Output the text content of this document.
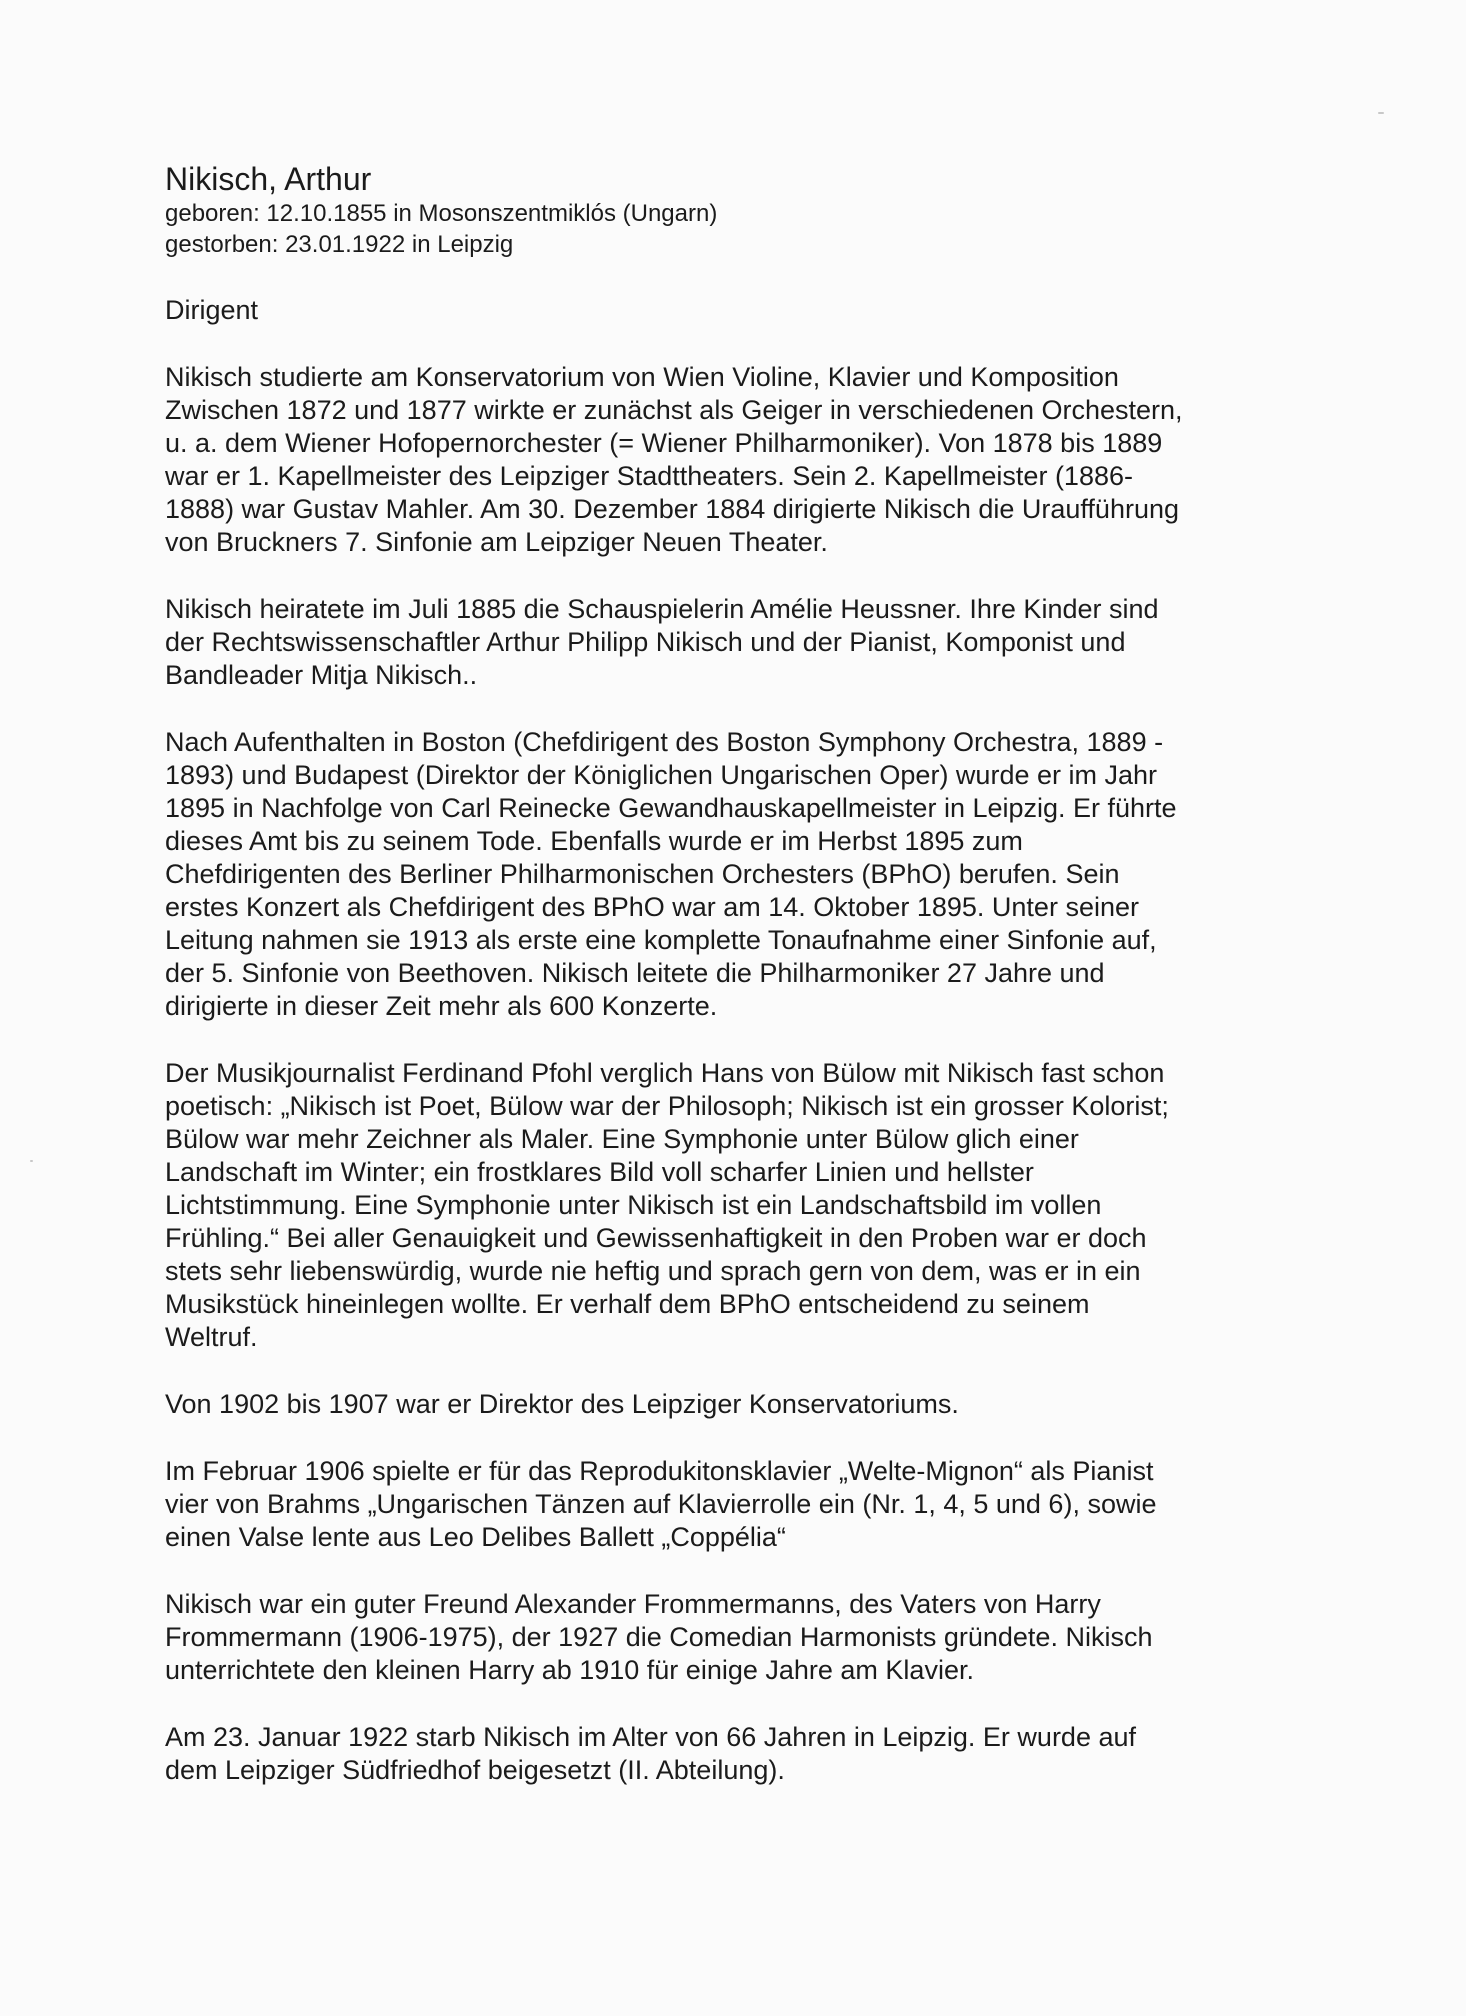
Nikisch, Arthur

geboren: 12.10.1855 in Mosonszentmiklós (Ungarn)

gestorben: 23.01.1922 in Leipzig

Dirigent

Nikisch studierte am Konservatorium von Wien Violine, Klavier und Komposition
Zwischen 1872 und 1877 wirkte er zunächst als Geiger in verschiedenen Orchestern,
u. a. dem Wiener Hofopernorchester (= Wiener Philharmoniker). Von 1878 bis 1889
war er 1. Kapellmeister des Leipziger Stadttheaters. Sein 2. Kapellmeister (1886-
1888) war Gustav Mahler. Am 30. Dezember 1884 dirigierte Nikisch die Uraufführung
von Bruckners 7. Sinfonie am Leipziger Neuen Theater.

Nikisch heiratete im Juli 1885 die Schauspielerin Amélie Heussner. Ihre Kinder sind
der Rechtswissenschaftler Arthur Philipp Nikisch und der Pianist, Komponist und
Bandleader Mitja Nikisch..

Nach Aufenthalten in Boston (Chefdirigent des Boston Symphony Orchestra, 1889 -
1893) und Budapest (Direktor der Königlichen Ungarischen Oper) wurde er im Jahr
1895 in Nachfolge von Carl Reinecke Gewandhauskapellmeister in Leipzig. Er führte
dieses Amt bis zu seinem Tode. Ebenfalls wurde er im Herbst 1895 zum
Chefdirigenten des Berliner Philharmonischen Orchesters (BPhO) berufen. Sein
erstes Konzert als Chefdirigent des BPhO war am 14. Oktober 1895. Unter seiner
Leitung nahmen sie 1913 als erste eine komplette Tonaufnahme einer Sinfonie auf,
der 5. Sinfonie von Beethoven. Nikisch leitete die Philharmoniker 27 Jahre und
dirigierte in dieser Zeit mehr als 600 Konzerte.

Der Musikjournalist Ferdinand Pfohl verglich Hans von Bülow mit Nikisch fast schon
poetisch: „Nikisch ist Poet, Bülow war der Philosoph; Nikisch ist ein grosser Kolorist;
Bülow war mehr Zeichner als Maler. Eine Symphonie unter Bülow glich einer
Landschaft im Winter; ein frostklares Bild voll scharfer Linien und hellster
Lichtstimmung. Eine Symphonie unter Nikisch ist ein Landschaftsbild im vollen
Frühling.“ Bei aller Genauigkeit und Gewissenhaftigkeit in den Proben war er doch
stets sehr liebenswürdig, wurde nie heftig und sprach gern von dem, was er in ein
Musikstück hineinlegen wollte. Er verhalf dem BPhO entscheidend zu seinem
Weltruf.

Von 1902 bis 1907 war er Direktor des Leipziger Konservatoriums.

Im Februar 1906 spielte er für das Reprodukitonsklavier „Welte-Mignon“ als Pianist
vier von Brahms „Ungarischen Tänzen auf Klavierrolle ein (Nr. 1, 4, 5 und 6), sowie
einen Valse lente aus Leo Delibes Ballett „Coppélia“

Nikisch war ein guter Freund Alexander Frommermanns, des Vaters von Harry
Frommermann (1906-1975), der 1927 die Comedian Harmonists gründete. Nikisch
unterrichtete den kleinen Harry ab 1910 für einige Jahre am Klavier.

Am 23. Januar 1922 starb Nikisch im Alter von 66 Jahren in Leipzig. Er wurde auf
dem Leipziger Südfriedhof beigesetzt (II. Abteilung).
